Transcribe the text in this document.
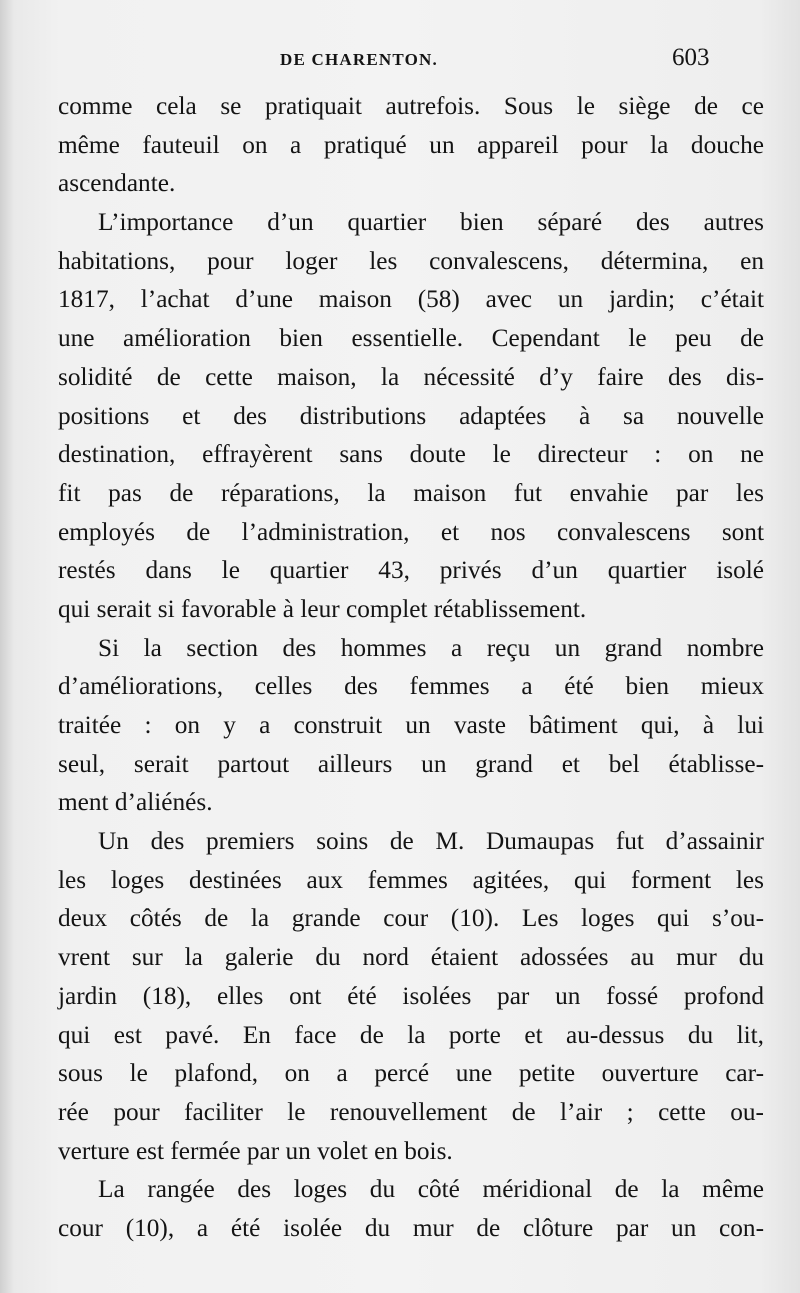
DE CHARENTON.	603
comme cela se pratiquait autrefois. Sous le siège de ce
même fauteuil on a pratiqué un appareil pour la douche
ascendante.
L’importance d’un quartier bien séparé des autres
habitations, pour loger les convalescens, détermina, en
1817, l’achat d’une maison (58) avec un jardin; c’était
une amélioration bien essentielle. Cependant le peu de
solidité de cette maison, la nécessité d’y faire des dis-
positions et des distributions adaptées à sa nouvelle
destination, effrayèrent sans doute le directeur : on ne
fit pas de réparations, la maison fut envahie par les
employés de l’administration, et nos convalescens sont
restés dans le quartier 43, privés d’un quartier isolé
qui serait si favorable à leur complet rétablissement.
Si la section des hommes a reçu un grand nombre
d’améliorations, celles des femmes a été bien mieux
traitée : on y a construit un vaste bâtiment qui, à lui
seul, serait partout ailleurs un grand et bel établisse-
ment d’aliénés.
Un des premiers soins de M. Dumaupas fut d’assainir
les loges destinées aux femmes agitées, qui forment les
deux côtés de la grande cour (10). Les loges qui s’ou-
vrent sur la galerie du nord étaient adossées au mur du
jardin (18), elles ont été isolées par un fossé profond
qui est pavé. En face de la porte et au-dessus du lit,
sous le plafond, on a percé une petite ouverture car-
rée pour faciliter le renouvellement de l’air ; cette ou-
verture est fermée par un volet en bois.
La rangée des loges du côté méridional de la même
cour (10), a été isolée du mur de clôture par un con-
